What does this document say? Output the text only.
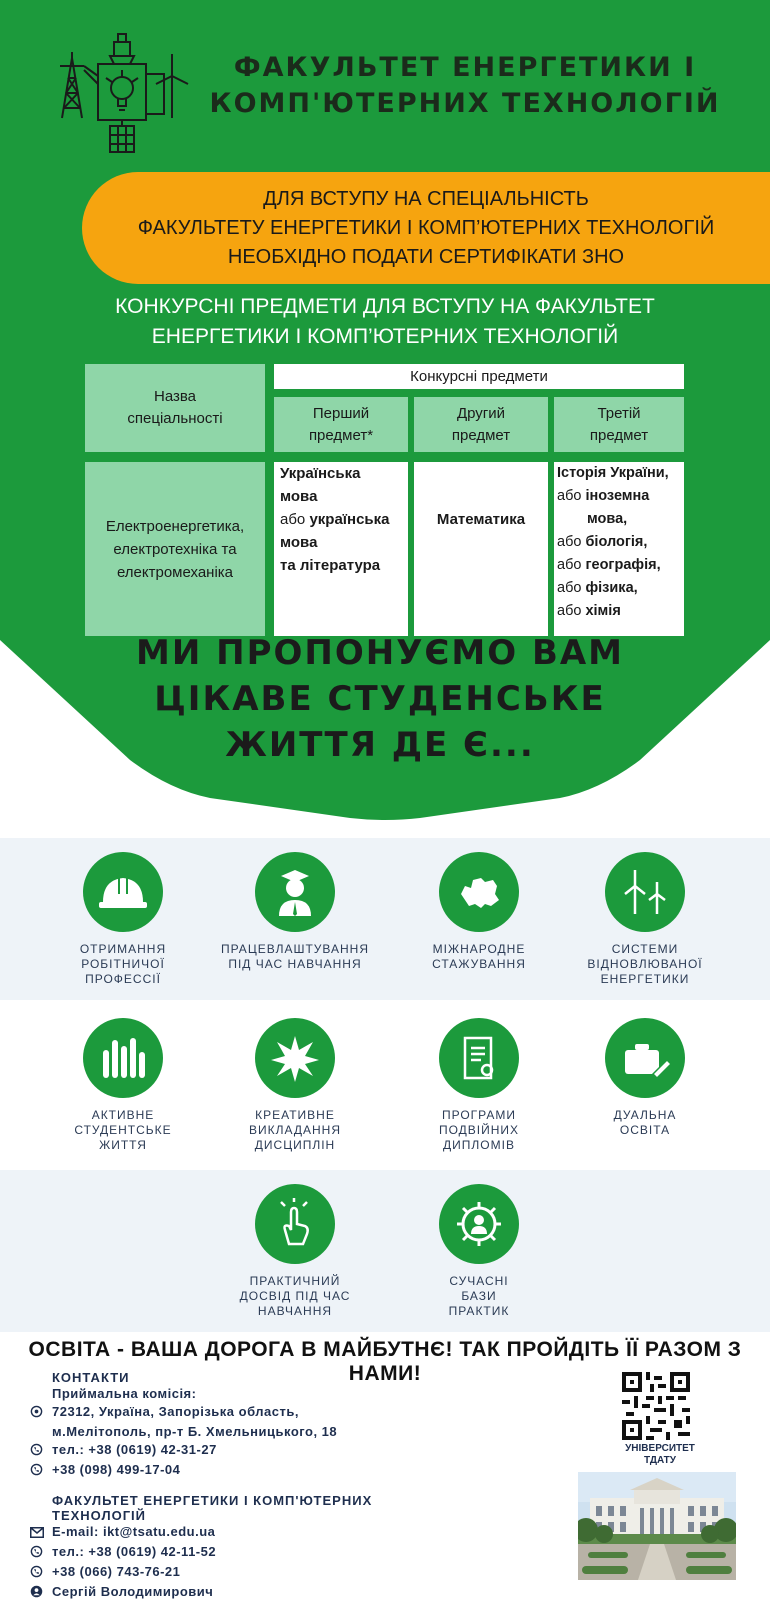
ФАКУЛЬТЕТ ЕНЕРГЕТИКИ І
КОМП'ЮТЕРНИХ ТЕХНОЛОГІЙ
ДЛЯ ВСТУПУ НА СПЕЦІАЛЬНІСТЬ
ФАКУЛЬТЕТУ ЕНЕРГЕТИКИ І КОМП’ЮТЕРНИХ ТЕХНОЛОГІЙ
НЕОБХІДНО ПОДАТИ СЕРТИФІКАТИ ЗНО
КОНКУРСНІ ПРЕДМЕТИ ДЛЯ ВСТУПУ НА ФАКУЛЬТЕТ
ЕНЕРГЕТИКИ І КОМП’ЮТЕРНИХ ТЕХНОЛОГІЙ
Назва
спеціальності
Конкурсні предмети
Перший
предмет*
Другий
предмет
Третій
предмет
Електроенергетика,
електротехніка та
електромеханіка
Українська
мова
або українська
мова
та література
Математика
Історія України,
або іноземна
мова,
або біологія,
або географія,
або фізика,
або хімія
МИ ПРОПОНУЄМО ВАМ
ЦІКАВЕ СТУДЕНСЬКЕ
ЖИТТЯ ДЕ Є...
ОТРИМАННЯ
РОБІТНИЧОЇ
ПРОФЕССІЇ
ПРАЦЕВЛАШТУВАННЯ
ПІД ЧАС НАВЧАННЯ
МІЖНАРОДНЕ
СТАЖУВАННЯ
СИСТЕМИ
ВІДНОВЛЮВАНОЇ
ЕНЕРГЕТИКИ
АКТИВНЕ
СТУДЕНТСЬКЕ
ЖИТТЯ
КРЕАТИВНЕ
ВИКЛАДАННЯ
ДИСЦИПЛІН
ПРОГРАМИ
ПОДВІЙНИХ
ДИПЛОМІВ
ДУАЛЬНА
ОСВІТА
ПРАКТИЧНИЙ
ДОСВІД ПІД ЧАС
НАВЧАННЯ
СУЧАСНІ
БАЗИ
ПРАКТИК
ОСВІТА - ВАША ДОРОГА В МАЙБУТНЄ! ТАК ПРОЙДІТЬ ЇЇ РАЗОМ З НАМИ!
КОНТАКТИ
Приймальна комісія:
72312, Україна, Запорізька область,
м.Мелітополь, пр-т Б. Хмельницького, 18
тел.: +38 (0619) 42-31-27
+38 (098) 499-17-04
ФАКУЛЬТЕТ ЕНЕРГЕТИКИ І КОМП'ЮТЕРНИХ
ТЕХНОЛОГІЙ
E-mail: ikt@tsatu.edu.ua
тел.: +38 (0619) 42-11-52
+38 (066) 743-76-21
Сергій Володимирович
УНІВЕРСИТЕТ
ТДАТУ
